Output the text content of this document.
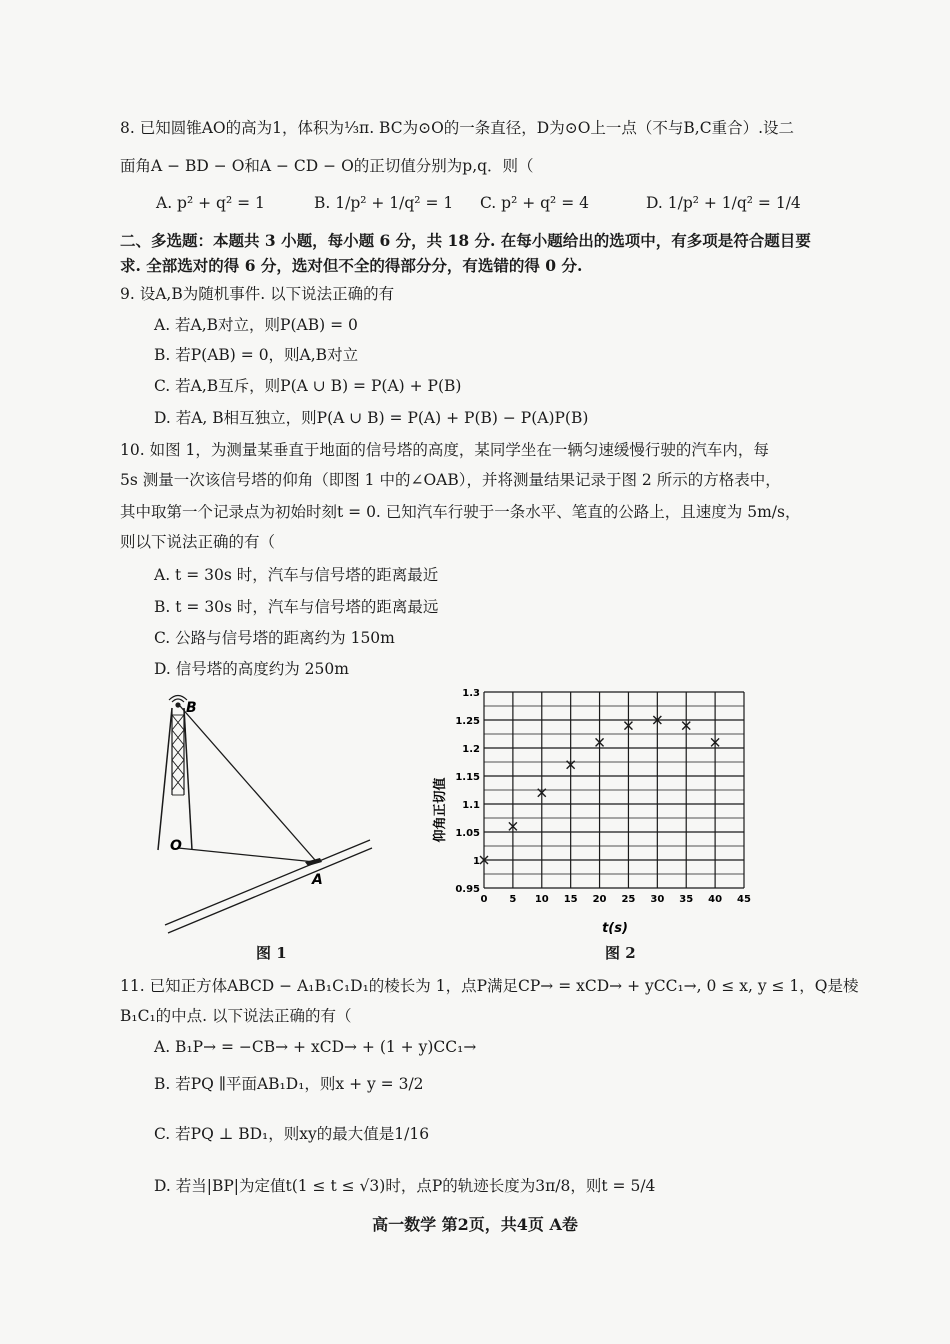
8. 已知圆锥AO的高为1，体积为⅓π. BC为⊙O的一条直径，D为⊙O上一点（不与B,C重合）.设二
面角A − BD − O和A − CD − O的正切值分别为p,q．则（
A. p² + q² = 1	B. 1/p² + 1/q² = 1 C. p² + q² = 4	D. 1/p² + 1/q² = 1/4
二、多选题：本题共 3 小题，每小题 6 分，共 18 分. 在每小题给出的选项中，有多项是符合题目要
求. 全部选对的得 6 分，选对但不全的得部分分，有选错的得 0 分.
9. 设A,B为随机事件. 以下说法正确的有
A. 若A,B对立，则P(AB) = 0
B. 若P(AB) = 0，则A,B对立
C. 若A,B互斥，则P(A ∪ B) = P(A) + P(B)
D. 若A, B相互独立，则P(A ∪ B) = P(A) + P(B) − P(A)P(B)
10. 如图 1，为测量某垂直于地面的信号塔的高度，某同学坐在一辆匀速缓慢行驶的汽车内，每
5s 测量一次该信号塔的仰角（即图 1 中的∠OAB），并将测量结果记录于图 2 所示的方格表中，
其中取第一个记录点为初始时刻t = 0. 已知汽车行驶于一条水平、笔直的公路上，且速度为 5m/s，
则以下说法正确的有（
A. t = 30s 时，汽车与信号塔的距离最近
B. t = 30s 时，汽车与信号塔的距离最远
C. 公路与信号塔的距离约为 150m
D. 信号塔的高度约为 250m
B
O
A
图 1
0 5 10 15 20 25 30 35 40 45
0.95
1
1.05
1.1
1.15
1.2
1.25
1.3
仰角正切值
t(s)
图 2
11. 已知正方体ABCD − A₁B₁C₁D₁的棱长为 1，点P满足CP→ = xCD→ + yCC₁→, 0 ≤ x, y ≤ 1，Q是棱
B₁C₁的中点. 以下说法正确的有（
A. B₁P→ = −CB→ + xCD→ + (1 + y)CC₁→
B. 若PQ ∥平面AB₁D₁，则x + y = 3/2
C. 若PQ ⊥ BD₁，则xy的最大值是1/16
D. 若当|BP|为定值t(1 ≤ t ≤ √3)时，点P的轨迹长度为3π/8，则t = 5/4
高一数学 第2页，共4页 A卷
